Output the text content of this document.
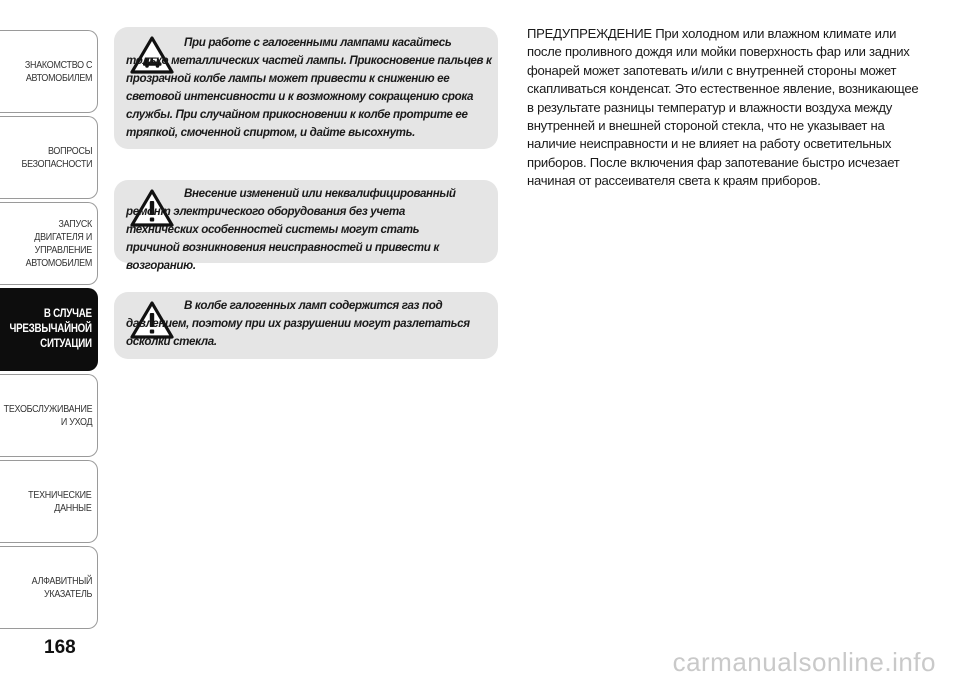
ЗНАКОМСТВО С
АВТОМОБИЛЕМ
ВОПРОСЫ
БЕЗОПАСНОСТИ
ЗАПУСК ДВИГАТЕЛЯ И
УПРАВЛЕНИЕ
АВТОМОБИЛЕМ
В СЛУЧАЕ
ЧРЕЗВЫЧАЙНОЙ
СИТУАЦИИ
ТЕХОБСЛУЖИВАНИЕ
И УХОД
ТЕХНИЧЕСКИЕ
ДАННЫЕ
АЛФАВИТНЫЙ
УКАЗАТЕЛЬ
168

При работе с галогенными лампами касайтесь только металлических частей лампы. Прикосновение пальцев к прозрачной колбе лампы может привести к снижению ее световой интенсивности и к возможному сокращению срока службы. При случайном прикосновении к колбе протрите ее тряпкой, смоченной спиртом, и дайте высохнуть.

Внесение изменений или неквалифицированный ремонт электрического оборудования без учета технических особенностей системы могут стать причиной возникновения неисправностей и привести к возгоранию.

В колбе галогенных ламп содержится газ под давлением, поэтому при их разрушении могут разлетаться осколки стекла.

ПРЕДУПРЕЖДЕНИЕ При холодном или влажном климате или после проливного дождя или мойки поверхность фар или задних фонарей может запотевать и/или с внутренней стороны может скапливаться конденсат. Это естественное явление, возникающее в результате разницы температур и влажности воздуха между внутренней и внешней стороной стекла, что не указывает на наличие неисправности и не влияет на работу осветительных приборов. После включения фар запотевание быстро исчезает начиная от рассеивателя света к краям приборов.

carmanualsonline.info
